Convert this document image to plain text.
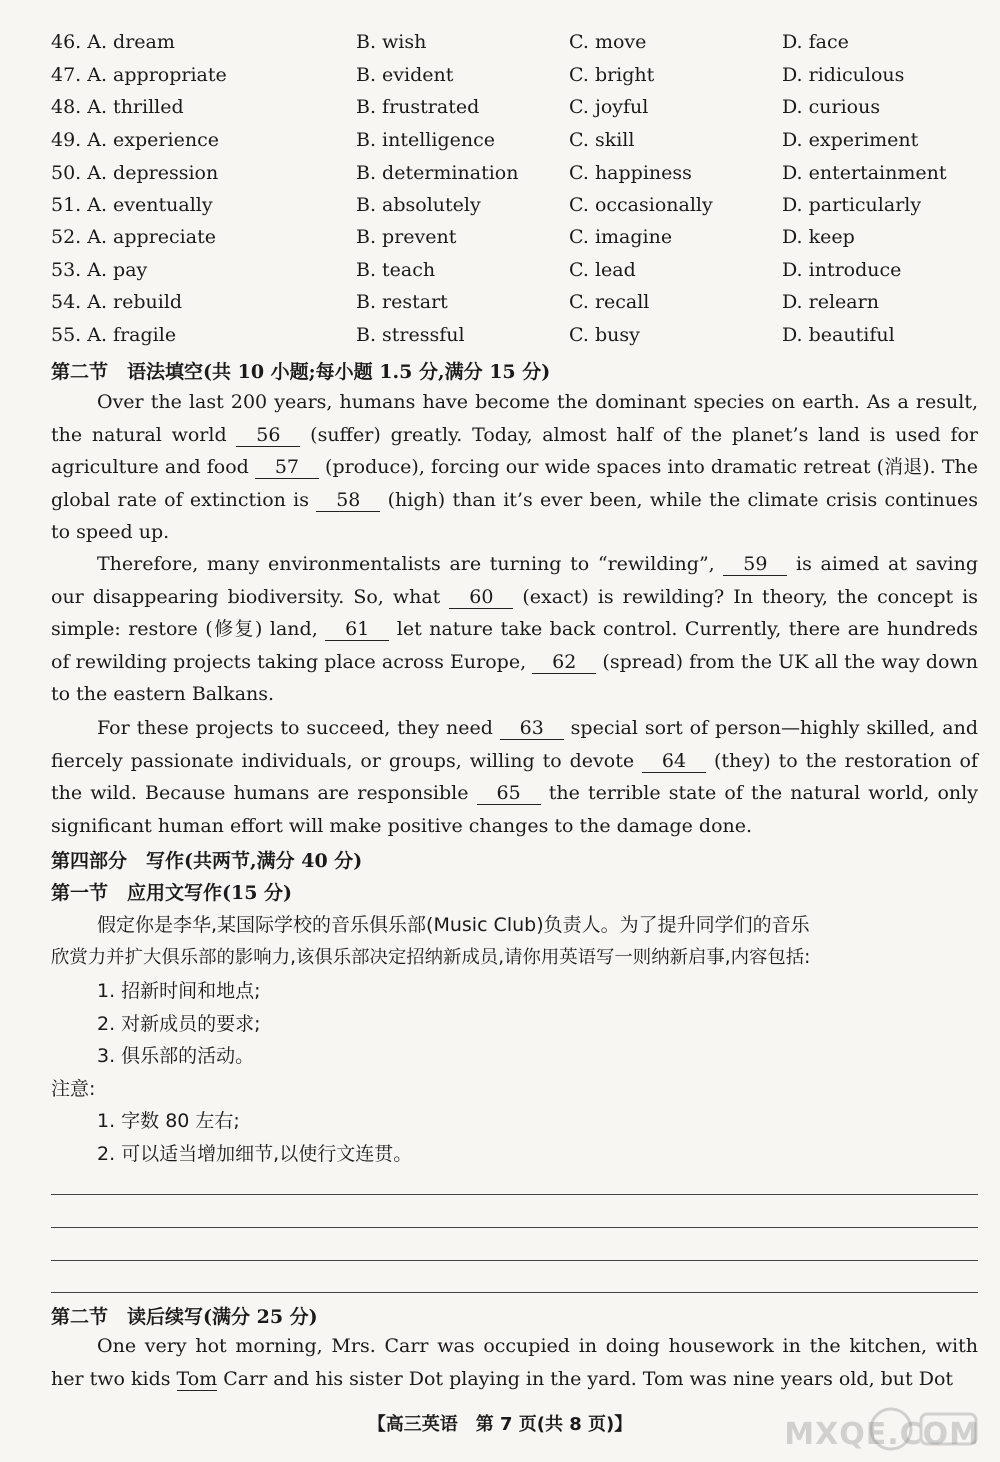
46. A. dream	B. wish	C. move	D. face
47. A. appropriate	B. evident	C. bright	D. ridiculous
48. A. thrilled	B. frustrated	C. joyful	D. curious
49. A. experience	B. intelligence	C. skill	D. experiment
50. A. depression	B. determination	C. happiness	D. entertainment
51. A. eventually	B. absolutely	C. occasionally	D. particularly
52. A. appreciate	B. prevent	C. imagine	D. keep
53. A. pay	B. teach	C. lead	D. introduce
54. A. rebuild	B. restart	C. recall	D. relearn
55. A. fragile	B. stressful	C. busy	D. beautiful
第二节　语法填空(共 10 小题;每小题 1.5 分,满分 15 分)

Over the last 200 years, humans have become the dominant species on earth. As a result, the natural world 56 (suffer) greatly. Today, almost half of the planet’s land is used for agriculture and food 57 (produce), forcing our wide spaces into dramatic retreat (消退). The global rate of extinction is 58 (high) than it’s ever been, while the climate crisis continues to speed up.

Therefore, many environmentalists are turning to “rewilding”, 59 is aimed at saving our disappearing biodiversity. So, what 60 (exact) is rewilding? In theory, the concept is simple: restore (修复) land, 61 let nature take back control. Currently, there are hundreds of rewilding projects taking place across Europe, 62 (spread) from the UK all the way down to the eastern Balkans.

For these projects to succeed, they need 63 special sort of person—highly skilled, and fiercely passionate individuals, or groups, willing to devote 64 (they) to the restoration of the wild. Because humans are responsible 65 the terrible state of the natural world, only significant human effort will make positive changes to the damage done.

第四部分　写作(共两节,满分 40 分)
第一节　应用文写作(15 分)
假定你是李华,某国际学校的音乐俱乐部(Music Club)负责人。为了提升同学们的音乐
欣赏力并扩大俱乐部的影响力,该俱乐部决定招纳新成员,请你用英语写一则纳新启事,内容包括:
1. 招新时间和地点;
2. 对新成员的要求;
3. 俱乐部的活动。
注意:
1. 字数 80 左右;
2. 可以适当增加细节,以使行文连贯。
第二节　读后续写(满分 25 分)

One very hot morning, Mrs. Carr was occupied in doing housework in the kitchen, with her two kids Tom Carr and his sister Dot playing in the yard. Tom was nine years old, but Dot

【高三英语　第 7 页(共 8 页)】	MXQE.COM
